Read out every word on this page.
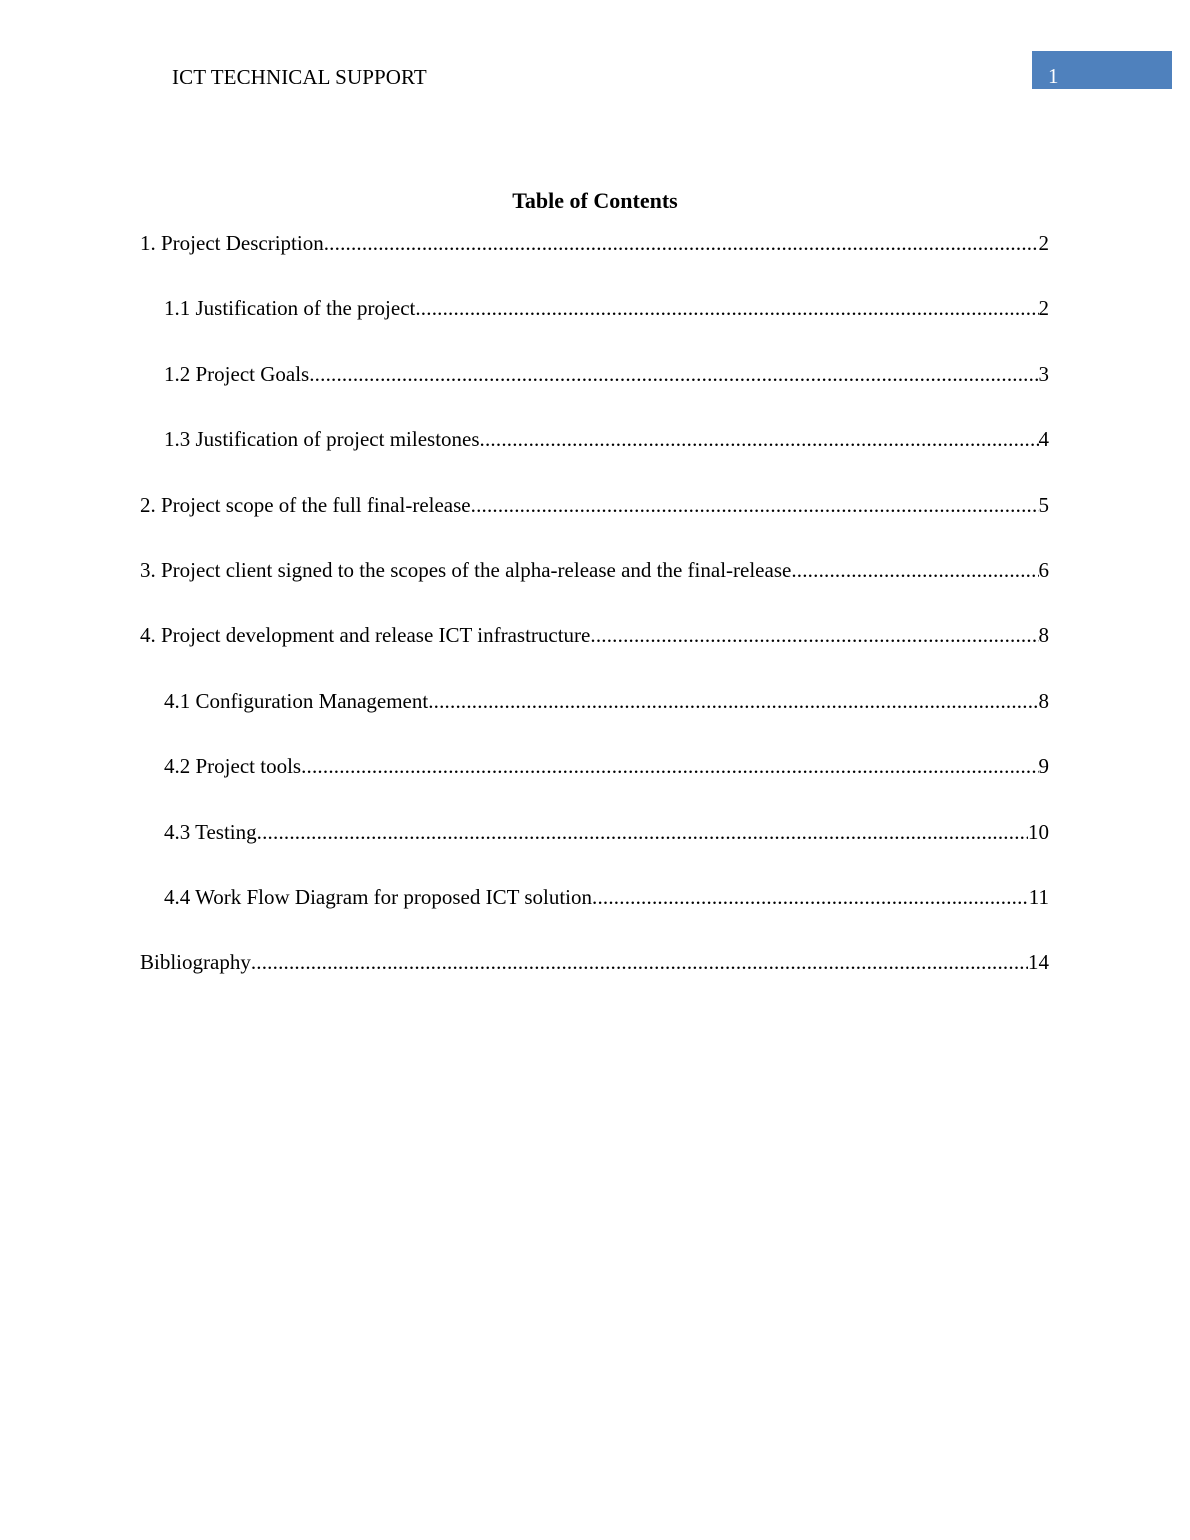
ICT TECHNICAL SUPPORT	1
Table of Contents
1. Project Description .....	2
1.1 Justification of the project .....	2
1.2 Project Goals .....	3
1.3 Justification of project milestones .....	4
2. Project scope of the full final-release .....	5
3. Project client signed to the scopes of the alpha-release and the final-release .....	6
4. Project development and release ICT infrastructure .....	8
4.1 Configuration Management .....	8
4.2 Project tools .....	9
4.3 Testing .....	10
4.4 Work Flow Diagram for proposed ICT solution .....	11
Bibliography .....	14
